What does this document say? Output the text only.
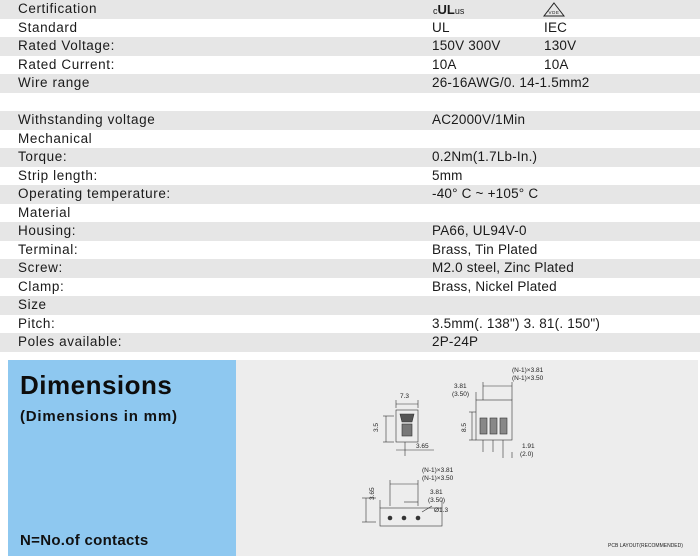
Certification	cULus	VDE
Standard	UL	IEC
Rated Voltage:	150V 300V	130V
Rated Current:	10A	10A
Wire range	26-16AWG/0. 14-1.5mm2
Withstanding voltage	AC2000V/1Min
Mechanical
Torque:	0.2Nm(1.7Lb-In.)
Strip length:	5mm
Operating temperature:	-40° C ~ +105° C
Material
Housing:	PA66, UL94V-0
Terminal:	Brass, Tin Plated
Screw:	M2.0 steel, Zinc Plated
Clamp:	Brass, Nickel Plated
Size
Pitch:	3.5mm(. 138") 3. 81(. 150")
Poles available:	2P-24P
Dimensions
(Dimensions in mm)
N=No.of contacts
7.3
3.5
3.65
3.81
(3.50)
(N-1)×3.81
(N-1)×3.50
8.5
1.91
(2.0)
(N-1)×3.81
(N-1)×3.50
3.65	3.81
(3.50)
Ø1.3
PCB LAYOUT(RECOMMENDED)
